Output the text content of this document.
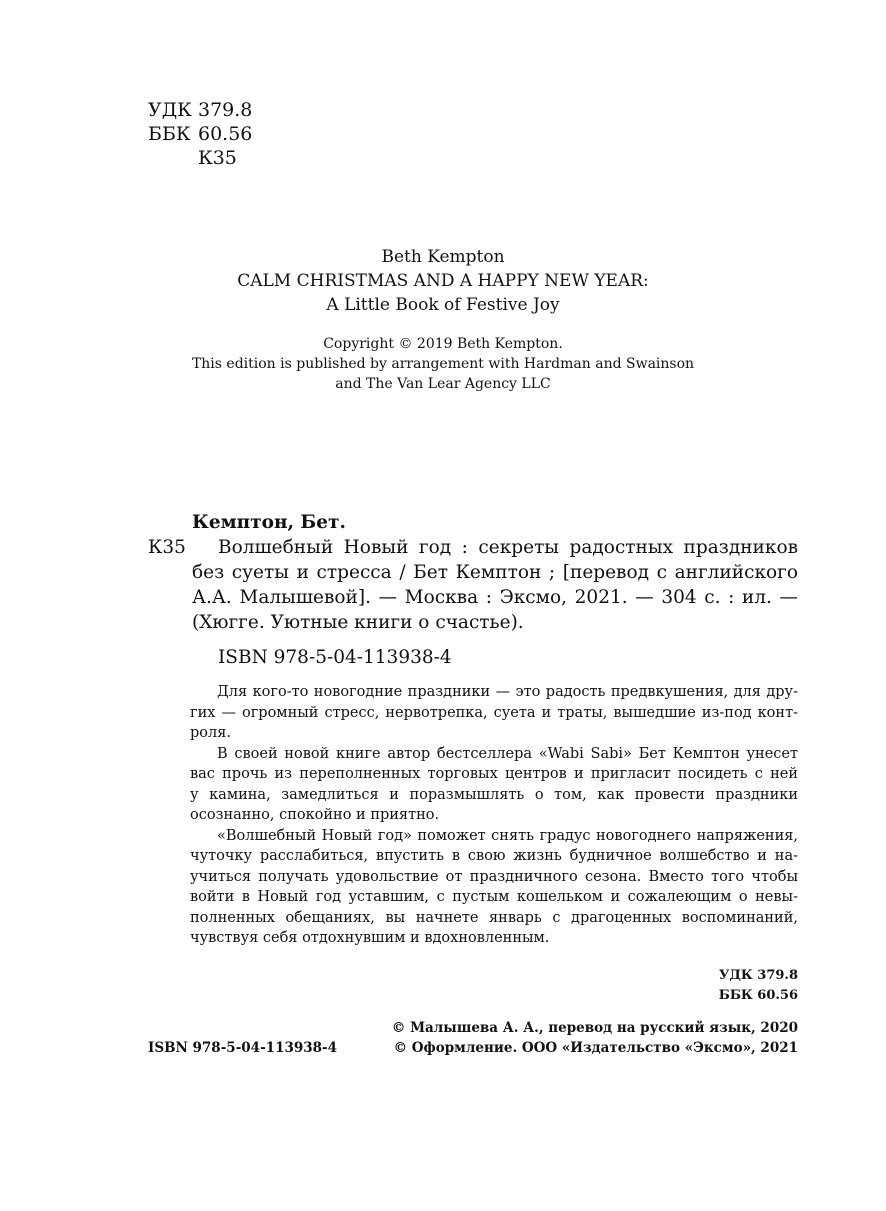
УДК 379.8
ББК 60.56
К35
Beth Kempton
CALM CHRISTMAS AND A HAPPY NEW YEAR:
A Little Book of Festive Joy
Copyright © 2019 Beth Kempton.
This edition is published by arrangement with Hardman and Swainson
and The Van Lear Agency LLC
Кемптон, Бет.
К35 Волшебный Новый год : секреты радостных праздников
без суеты и стресса / Бет Кемптон ; [перевод с английского
А.А. Малышевой]. — Москва : Эксмо, 2021. — 304 с. : ил. —
(Хюгге. Уютные книги о счастье).
ISBN 978-5-04-113938-4

Для кого-то новогодние праздники — это радость предвкушения, для дру-

гих — огромный стресс, нервотрепка, суета и траты, вышедшие из-под конт-

роля.

В своей новой книге автор бестселлера «Wabi Sabi» Бет Кемптон унесет

вас прочь из переполненных торговых центров и пригласит посидеть с ней

у камина, замедлиться и поразмышлять о том, как провести праздники

осознанно, спокойно и приятно.

«Волшебный Новый год» поможет снять градус новогоднего напряжения,

чуточку расслабиться, впустить в свою жизнь будничное волшебство и на-

учиться получать удовольствие от праздничного сезона. Вместо того чтобы

войти в Новый год уставшим, с пустым кошельком и сожалеющим о невы-

полненных обещаниях, вы начнете январь с драгоценных воспоминаний,

чувствуя себя отдохнувшим и вдохновленным.

УДК 379.8
ББК 60.56
ISBN 978-5-04-113938-4
© Малышева А. А., перевод на русский язык, 2020
© Оформление. ООО «Издательство «Эксмо», 2021
